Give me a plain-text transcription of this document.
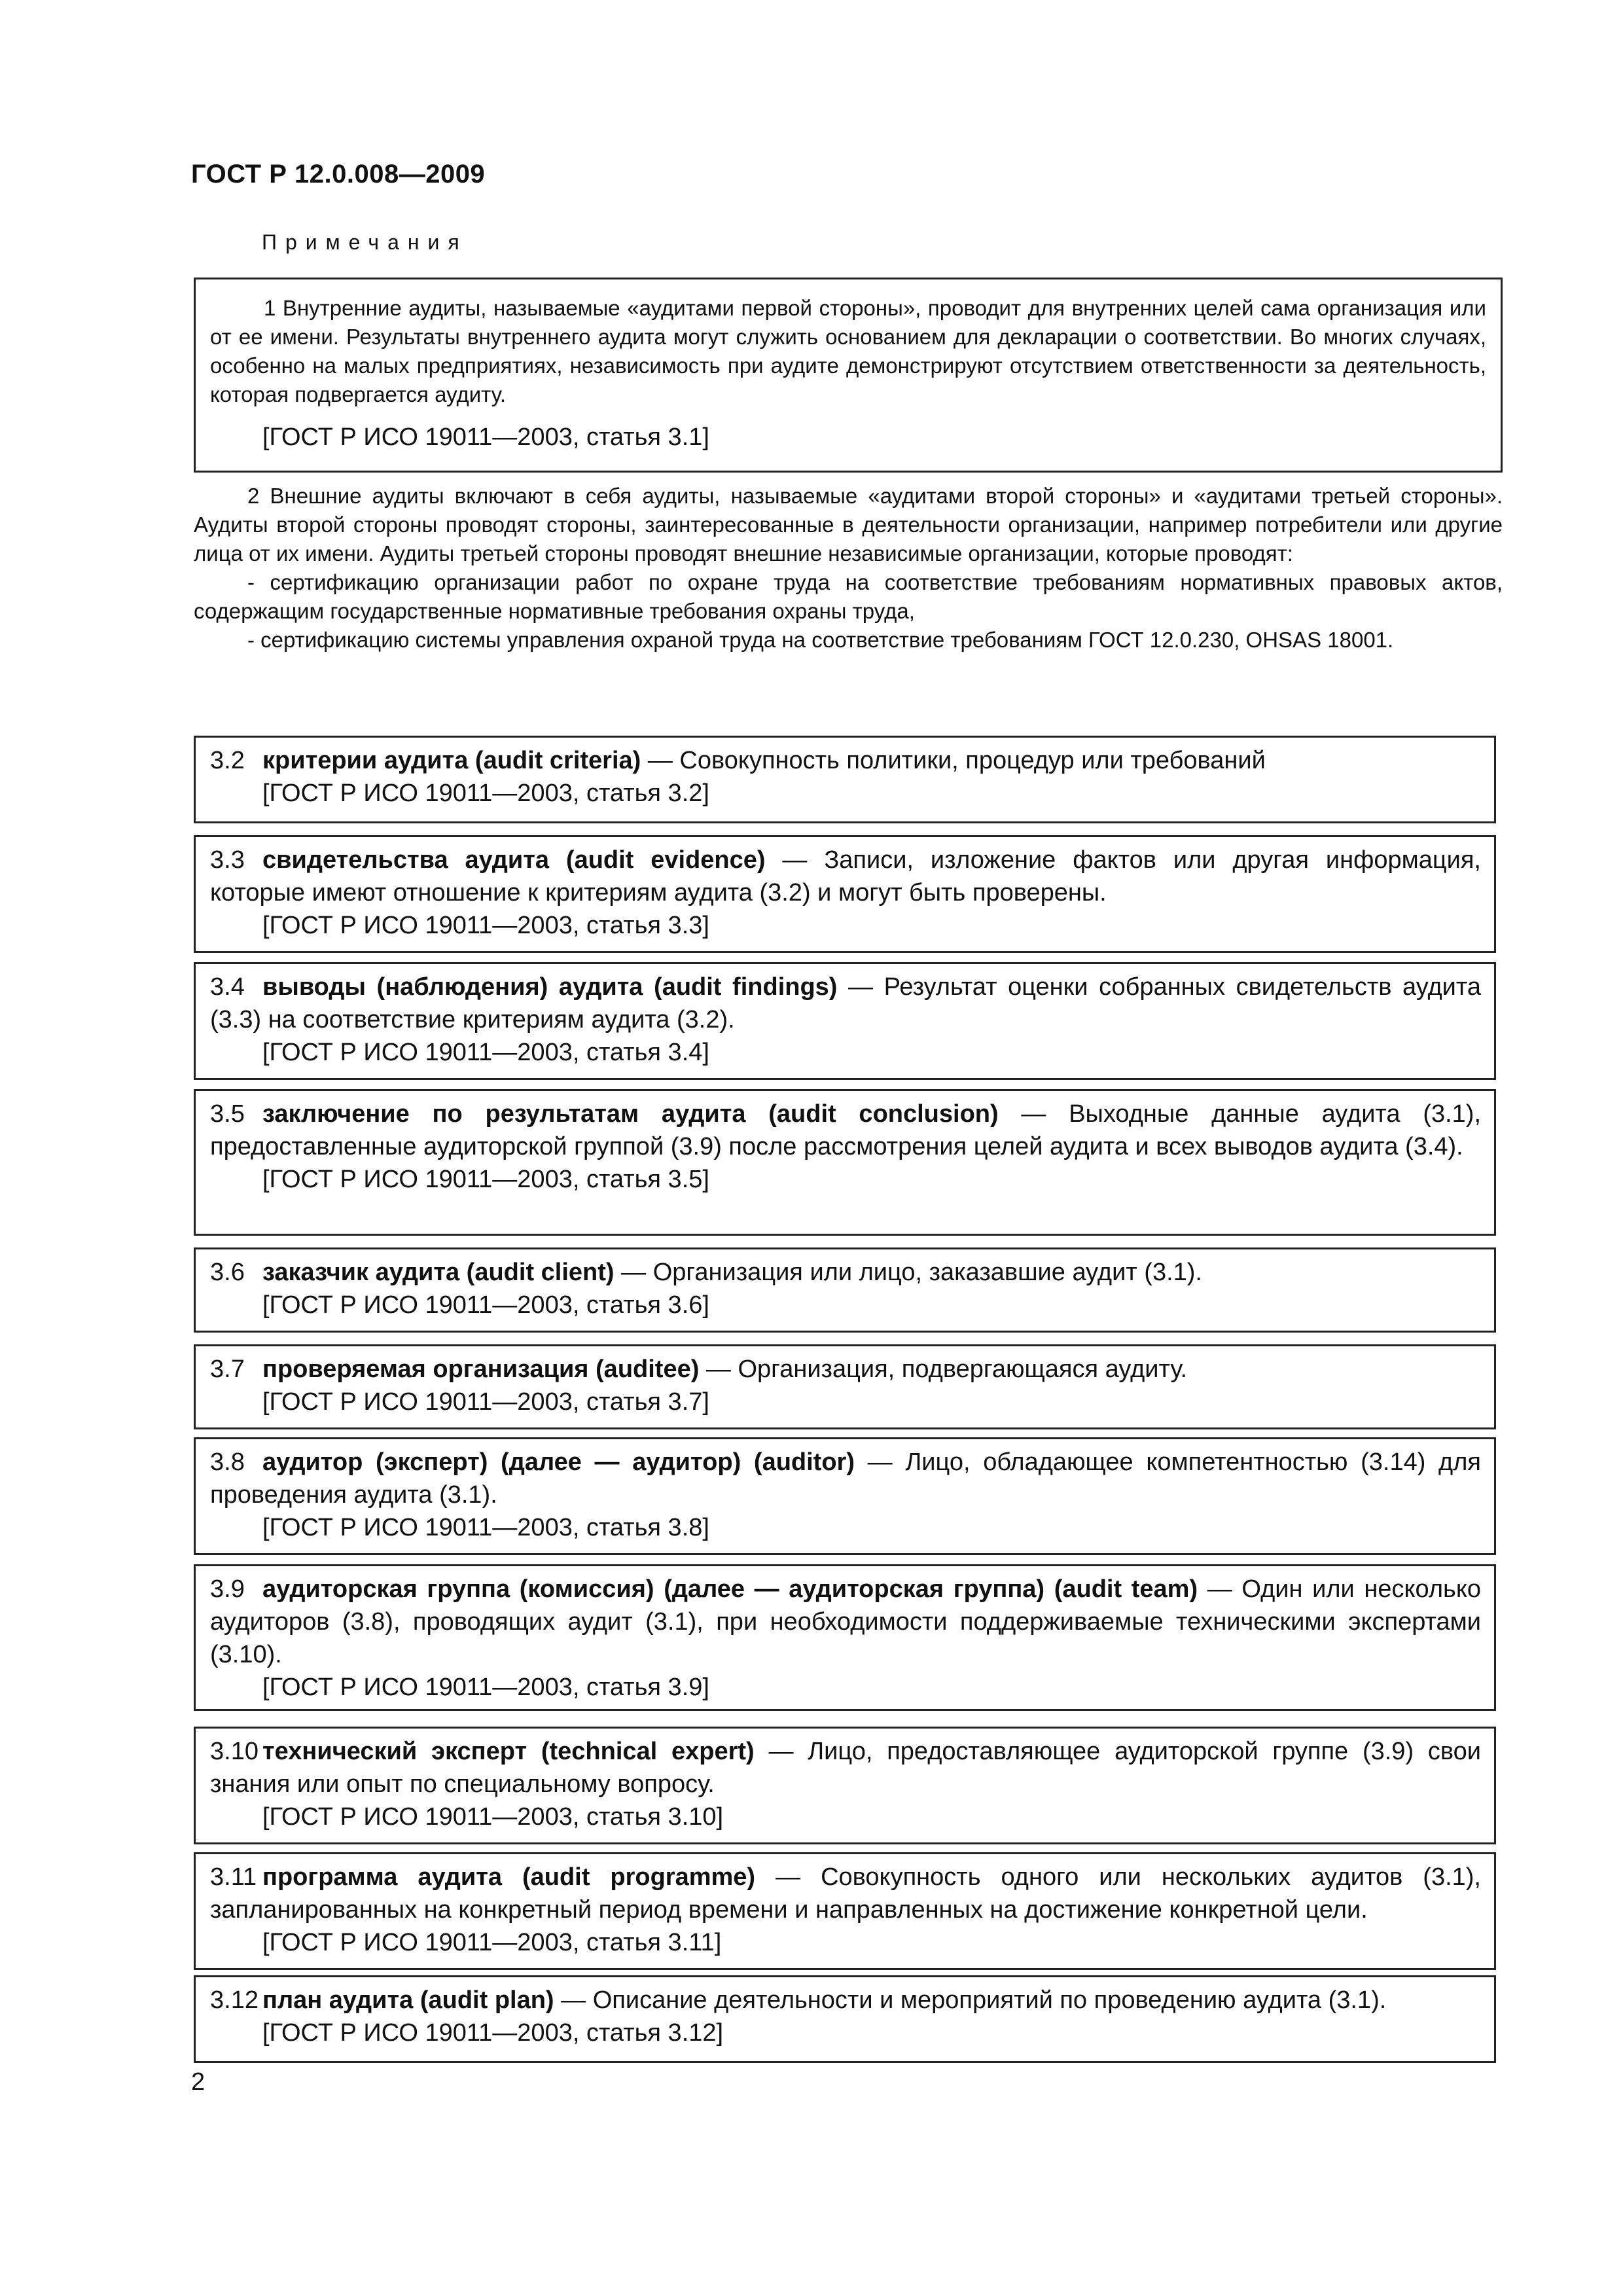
ГОСТ Р 12.0.008—2009
Примечания

1 Внутренние аудиты, называемые «аудитами первой стороны», проводит для внутренних целей сама организация или от ее имени. Результаты внутреннего аудита могут служить основанием для декларации о соответствии. Во многих случаях, особенно на малых предприятиях, независимость при аудите демонстрируют отсутствием ответственности за деятельность, которая подвергается аудиту.

[ГОСТ Р ИСО 19011—2003, статья 3.1]

2 Внешние аудиты включают в себя аудиты, называемые «аудитами второй стороны» и «аудитами третьей стороны». Аудиты второй стороны проводят стороны, заинтересованные в деятельности организации, например потребители или другие лица от их имени. Аудиты третьей стороны проводят внешние независимые организации, которые проводят:

- сертификацию организации работ по охране труда на соответствие требованиям нормативных правовых актов, содержащим государственные нормативные требования охраны труда,

- сертификацию системы управления охраной труда на соответствие требованиям ГОСТ 12.0.230, OHSAS 18001.

3.2 критерии аудита (audit criteria) — Совокупность политики, процедур или требований

[ГОСТ Р ИСО 19011—2003, статья 3.2]

3.3 свидетельства аудита (audit evidence) — Записи, изложение фактов или другая информация, которые имеют отношение к критериям аудита (3.2) и могут быть проверены.

[ГОСТ Р ИСО 19011—2003, статья 3.3]

3.4 выводы (наблюдения) аудита (audit findings) — Результат оценки собранных свидетельств аудита (3.3) на соответствие критериям аудита (3.2).

[ГОСТ Р ИСО 19011—2003, статья 3.4]

3.5 заключение по результатам аудита (audit conclusion) — Выходные данные аудита (3.1), предоставленные аудиторской группой (3.9) после рассмотрения целей аудита и всех выводов аудита (3.4).

[ГОСТ Р ИСО 19011—2003, статья 3.5]

3.6 заказчик аудита (audit client) — Организация или лицо, заказавшие аудит (3.1).

[ГОСТ Р ИСО 19011—2003, статья 3.6]

3.7 проверяемая организация (auditee) — Организация, подвергающаяся аудиту.

[ГОСТ Р ИСО 19011—2003, статья 3.7]

3.8 аудитор (эксперт) (далее — аудитор) (auditor) — Лицо, обладающее компетентностью (3.14) для проведения аудита (3.1).

[ГОСТ Р ИСО 19011—2003, статья 3.8]

3.9 аудиторская группа (комиссия) (далее — аудиторская группа) (audit team) — Один или несколько аудиторов (3.8), проводящих аудит (3.1), при необходимости поддерживаемые техническими экспертами (3.10).

[ГОСТ Р ИСО 19011—2003, статья 3.9]

3.10 технический эксперт (technical expert) — Лицо, предоставляющее аудиторской группе (3.9) свои знания или опыт по специальному вопросу.

[ГОСТ Р ИСО 19011—2003, статья 3.10]

3.11 программа аудита (audit programme) — Совокупность одного или нескольких аудитов (3.1), запланированных на конкретный период времени и направленных на достижение конкретной цели.

[ГОСТ Р ИСО 19011—2003, статья 3.11]

3.12 план аудита (audit plan) — Описание деятельности и мероприятий по проведению аудита (3.1).

[ГОСТ Р ИСО 19011—2003, статья 3.12]

2
